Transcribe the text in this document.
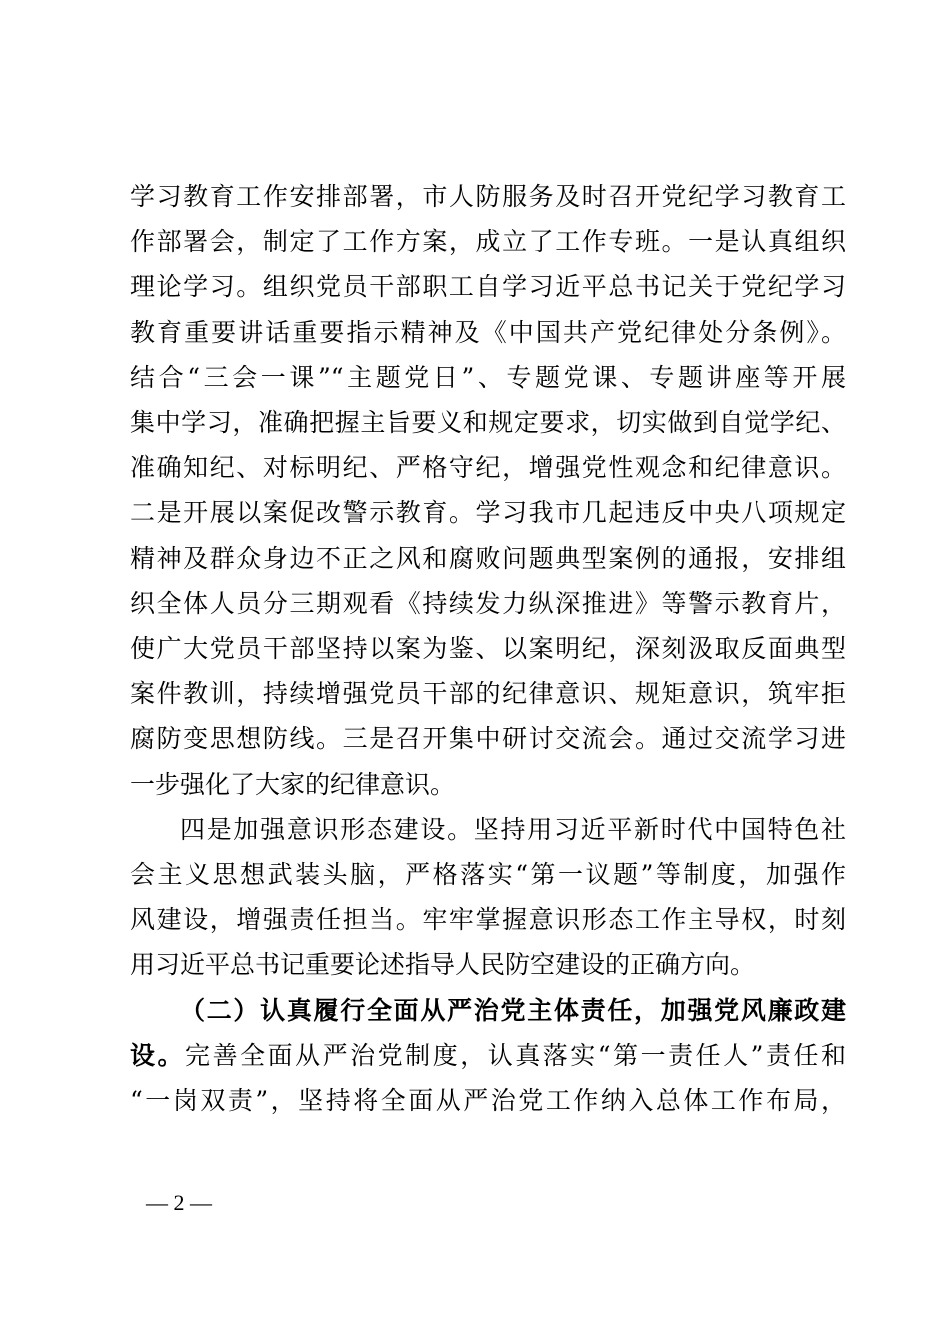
学习教育工作安排部署，市人防服务及时召开党纪学习教育工
作部署会，制定了工作方案，成立了工作专班。一是认真组织
理论学习。组织党员干部职工自学习近平总书记关于党纪学习
教育重要讲话重要指示精神及《中国共产党纪律处分条例》。
结合“三会一课”“主题党日”、专题党课、专题讲座等开展
集中学习，准确把握主旨要义和规定要求，切实做到自觉学纪、
准确知纪、对标明纪、严格守纪，增强党性观念和纪律意识。
二是开展以案促改警示教育。学习我市几起违反中央八项规定
精神及群众身边不正之风和腐败问题典型案例的通报，安排组
织全体人员分三期观看《持续发力纵深推进》等警示教育片，
使广大党员干部坚持以案为鉴、以案明纪，深刻汲取反面典型
案件教训，持续增强党员干部的纪律意识、规矩意识，筑牢拒
腐防变思想防线。三是召开集中研讨交流会。通过交流学习进
一步强化了大家的纪律意识。
四是加强意识形态建设。坚持用习近平新时代中国特色社
会主义思想武装头脑，严格落实“第一议题”等制度，加强作
风建设，增强责任担当。牢牢掌握意识形态工作主导权，时刻
用习近平总书记重要论述指导人民防空建设的正确方向。
（二）认真履行全面从严治党主体责任，加强党风廉政建
设。完善全面从严治党制度，认真落实“第一责任人”责任和
“一岗双责”，坚持将全面从严治党工作纳入总体工作布局，
— 2 —
